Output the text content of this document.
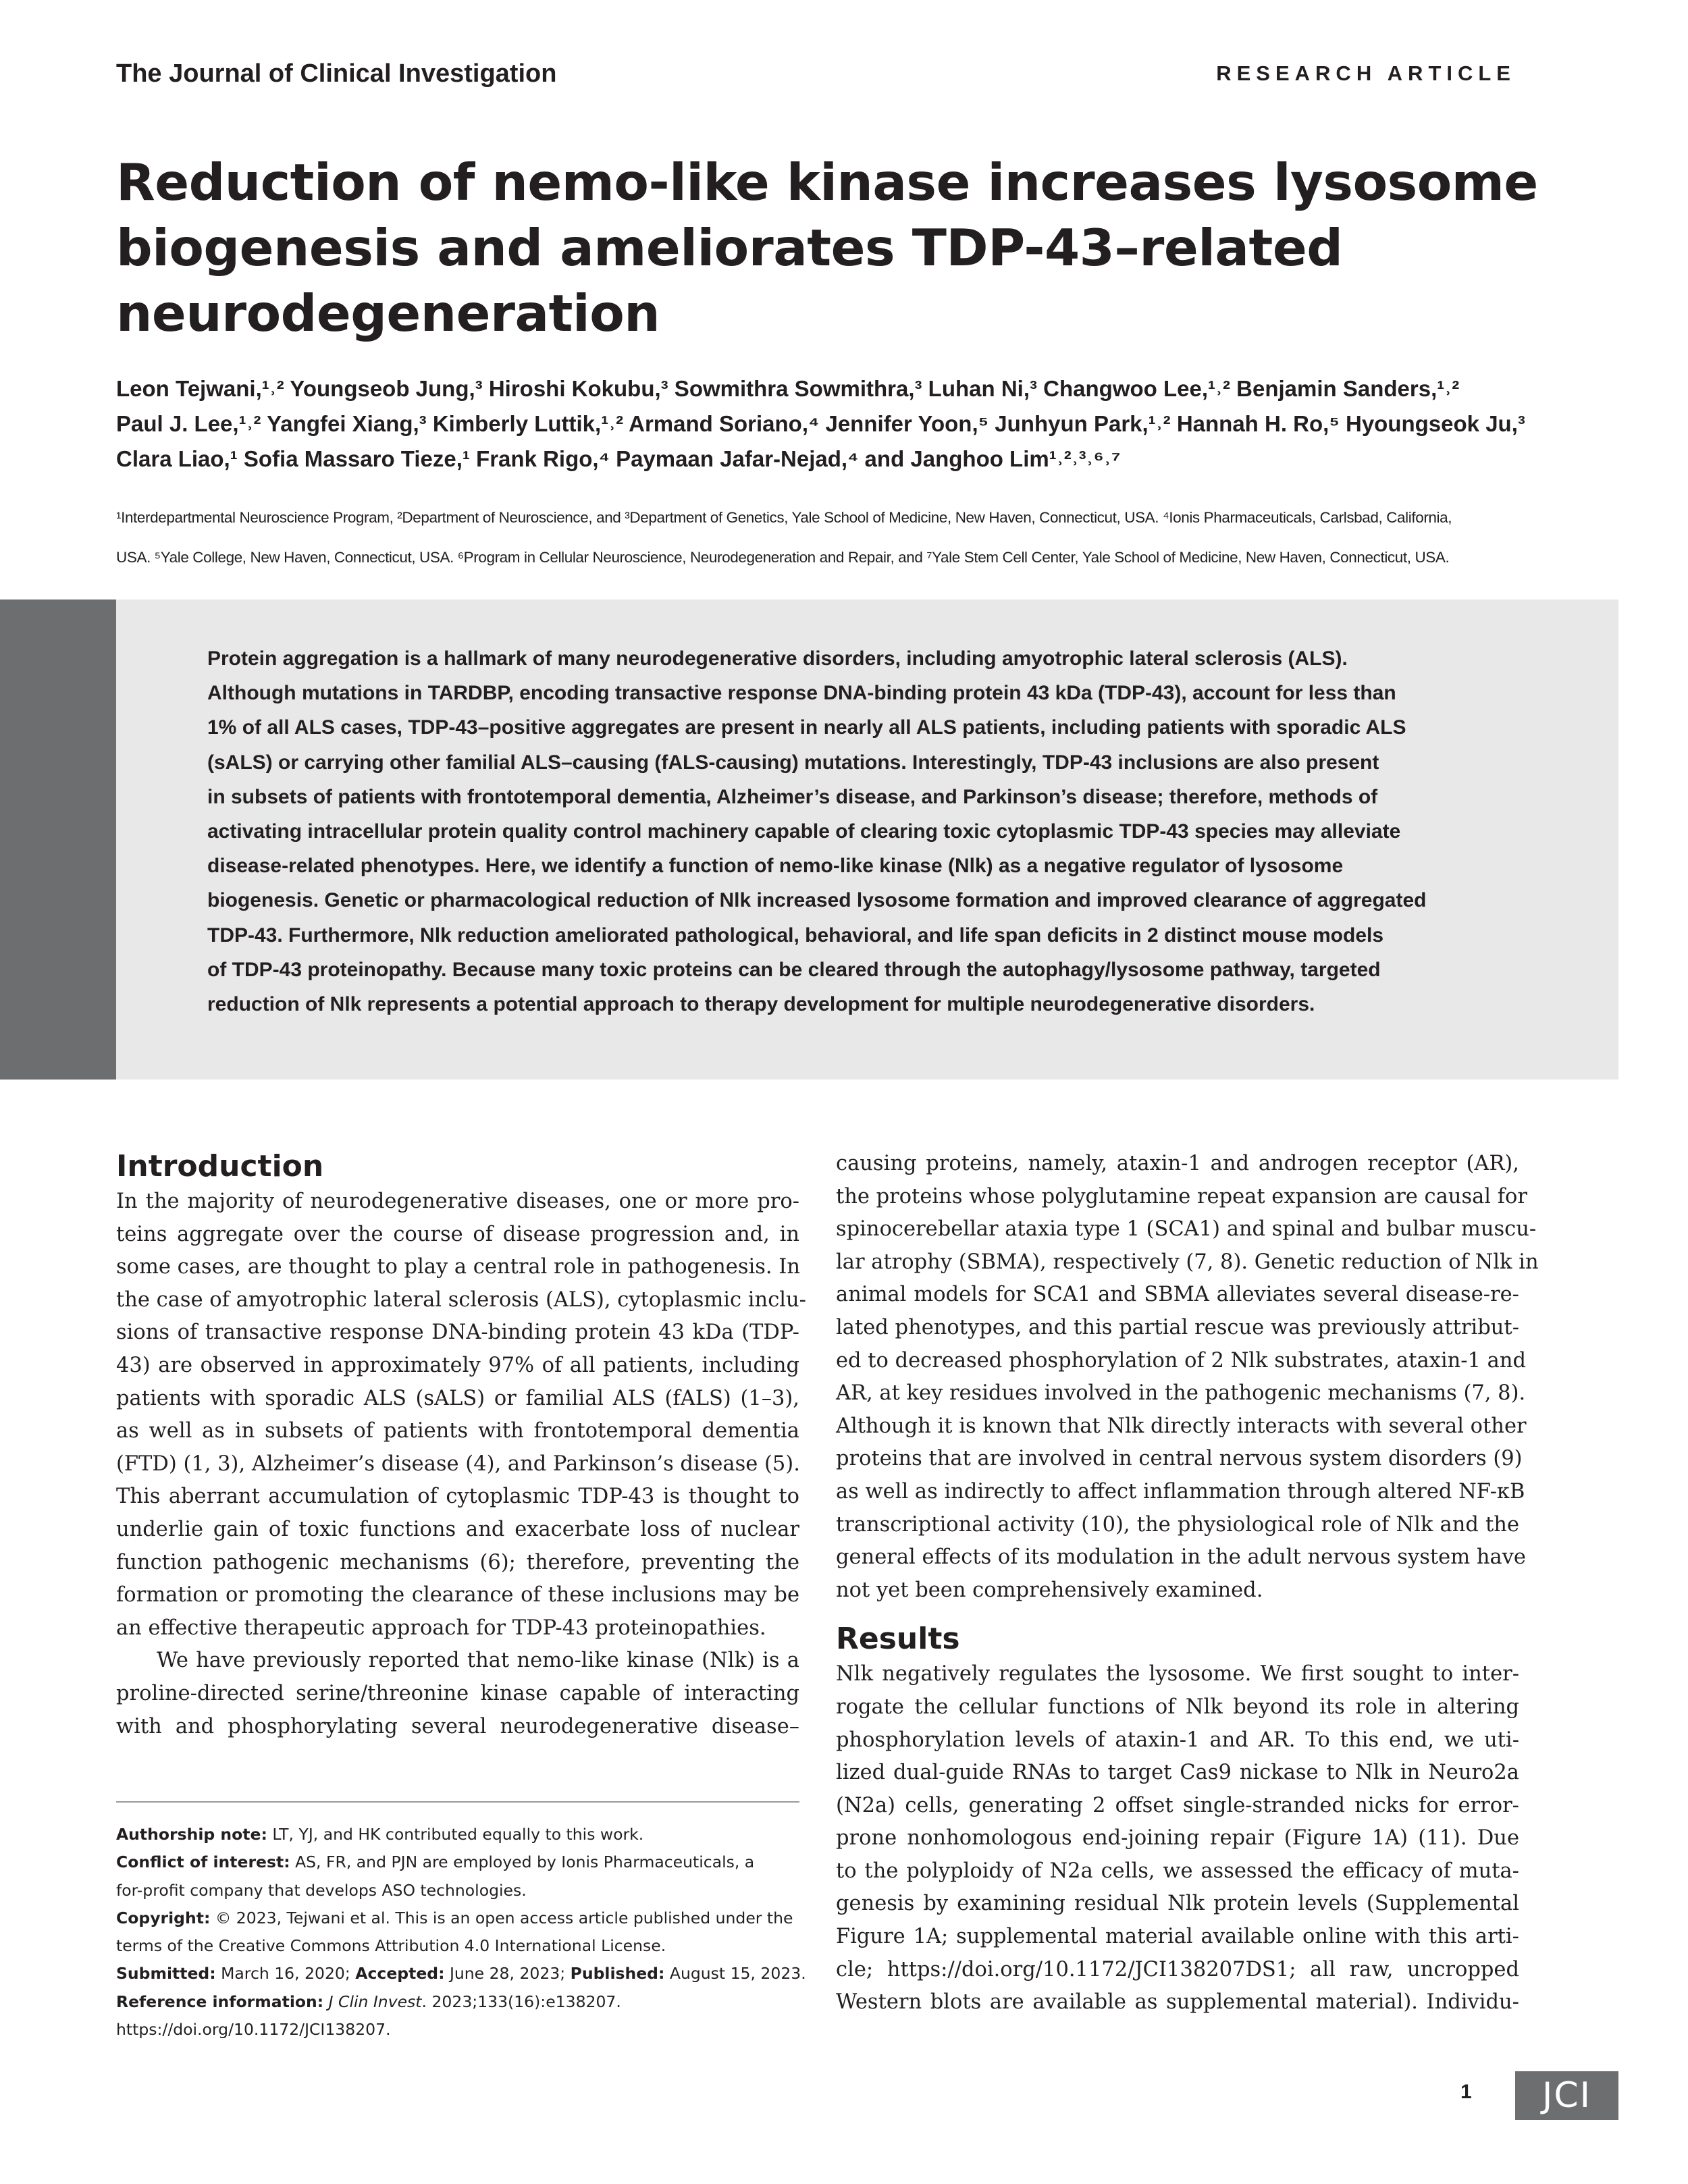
The Journal of Clinical Investigation	RESEARCH ARTICLE
Reduction of nemo-like kinase increases lysosome
biogenesis and ameliorates TDP-43–related
neurodegeneration
Leon Tejwani,¹˒² Youngseob Jung,³ Hiroshi Kokubu,³ Sowmithra Sowmithra,³ Luhan Ni,³ Changwoo Lee,¹˒² Benjamin Sanders,¹˒²
Paul J. Lee,¹˒² Yangfei Xiang,³ Kimberly Luttik,¹˒² Armand Soriano,⁴ Jennifer Yoon,⁵ Junhyun Park,¹˒² Hannah H. Ro,⁵ Hyoungseok Ju,³
Clara Liao,¹ Sofia Massaro Tieze,¹ Frank Rigo,⁴ Paymaan Jafar-Nejad,⁴ and Janghoo Lim¹˒²˒³˒⁶˒⁷
¹Interdepartmental Neuroscience Program, ²Department of Neuroscience, and ³Department of Genetics, Yale School of Medicine, New Haven, Connecticut, USA. ⁴Ionis Pharmaceuticals, Carlsbad, California,
USA. ⁵Yale College, New Haven, Connecticut, USA. ⁶Program in Cellular Neuroscience, Neurodegeneration and Repair, and ⁷Yale Stem Cell Center, Yale School of Medicine, New Haven, Connecticut, USA.
Protein aggregation is a hallmark of many neurodegenerative disorders, including amyotrophic lateral sclerosis (ALS).
Although mutations in TARDBP, encoding transactive response DNA-binding protein 43 kDa (TDP-43), account for less than
1% of all ALS cases, TDP-43–positive aggregates are present in nearly all ALS patients, including patients with sporadic ALS
(sALS) or carrying other familial ALS–causing (fALS-causing) mutations. Interestingly, TDP-43 inclusions are also present
in subsets of patients with frontotemporal dementia, Alzheimer’s disease, and Parkinson’s disease; therefore, methods of
activating intracellular protein quality control machinery capable of clearing toxic cytoplasmic TDP-43 species may alleviate
disease-related phenotypes. Here, we identify a function of nemo-like kinase (Nlk) as a negative regulator of lysosome
biogenesis. Genetic or pharmacological reduction of Nlk increased lysosome formation and improved clearance of aggregated
TDP-43. Furthermore, Nlk reduction ameliorated pathological, behavioral, and life span deficits in 2 distinct mouse models
of TDP-43 proteinopathy. Because many toxic proteins can be cleared through the autophagy/lysosome pathway, targeted
reduction of Nlk represents a potential approach to therapy development for multiple neurodegenerative disorders.
Introduction

In the majority of neurodegenerative diseases, one or more pro-
teins aggregate over the course of disease progression and, in
some cases, are thought to play a central role in pathogenesis. In
the case of amyotrophic lateral sclerosis (ALS), cytoplasmic inclu-
sions of transactive response DNA-binding protein 43 kDa (TDP-
43) are observed in approximately 97% of all patients, including
patients with sporadic ALS (sALS) or familial ALS (fALS) (1–3),
as well as in subsets of patients with frontotemporal dementia
(FTD) (1, 3), Alzheimer’s disease (4), and Parkinson’s disease (5).
This aberrant accumulation of cytoplasmic TDP-43 is thought to
underlie gain of toxic functions and exacerbate loss of nuclear
function pathogenic mechanisms (6); therefore, preventing the
formation or promoting the clearance of these inclusions may be
an effective therapeutic approach for TDP-43 proteinopathies.

We have previously reported that nemo-like kinase (Nlk) is a
proline-directed serine/threonine kinase capable of interacting
with and phosphorylating several neurodegenerative disease–

causing proteins, namely, ataxin-1 and androgen receptor (AR),
the proteins whose polyglutamine repeat expansion are causal for
spinocerebellar ataxia type 1 (SCA1) and spinal and bulbar muscu-
lar atrophy (SBMA), respectively (7, 8). Genetic reduction of Nlk in
animal models for SCA1 and SBMA alleviates several disease-re-
lated phenotypes, and this partial rescue was previously attribut-
ed to decreased phosphorylation of 2 Nlk substrates, ataxin-1 and
AR, at key residues involved in the pathogenic mechanisms (7, 8).
Although it is known that Nlk directly interacts with several other
proteins that are involved in central nervous system disorders (9)
as well as indirectly to affect inflammation through altered NF-κB
transcriptional activity (10), the physiological role of Nlk and the
general effects of its modulation in the adult nervous system have
not yet been comprehensively examined.

Results

Nlk negatively regulates the lysosome. We first sought to inter-
rogate the cellular functions of Nlk beyond its role in altering
phosphorylation levels of ataxin-1 and AR. To this end, we uti-
lized dual-guide RNAs to target Cas9 nickase to Nlk in Neuro2a
(N2a) cells, generating 2 offset single-stranded nicks for error-
prone nonhomologous end-joining repair (Figure 1A) (11). Due
to the polyploidy of N2a cells, we assessed the efficacy of muta-
genesis by examining residual Nlk protein levels (Supplemental
Figure 1A; supplemental material available online with this arti-
cle; https://doi.org/10.1172/JCI138207DS1; all raw, uncropped
Western blots are available as supplemental material). Individu-

Authorship note: LT, YJ, and HK contributed equally to this work.
Conflict of interest: AS, FR, and PJN are employed by Ionis Pharmaceuticals, a
for-profit company that develops ASO technologies.
Copyright: © 2023, Tejwani et al. This is an open access article published under the
terms of the Creative Commons Attribution 4.0 International License.
Submitted: March 16, 2020; Accepted: June 28, 2023; Published: August 15, 2023.
Reference information: J Clin Invest. 2023;133(16):e138207.
https://doi.org/10.1172/JCI138207.
1	JCI
